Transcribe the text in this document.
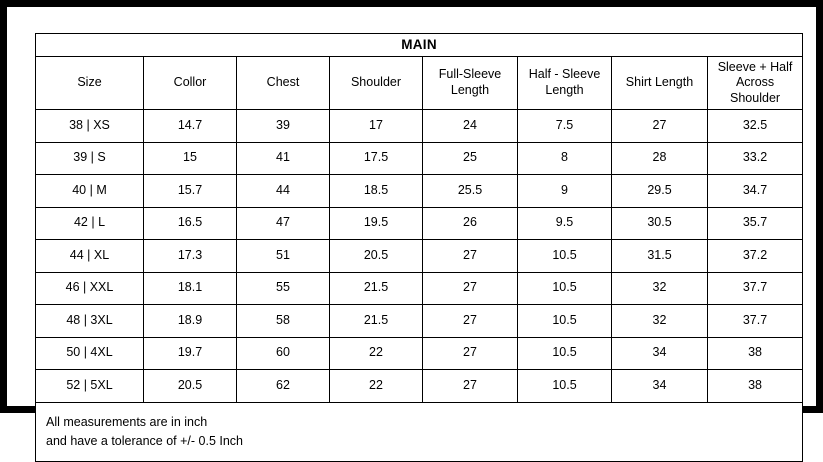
MAIN							
Size	Collor	Chest	Shoulder	Full-Sleeve Length	Half - Sleeve Length	Shirt Length	Sleeve + Half Across Shoulder
38 | XS	14.7	39	17	24	7.5	27	32.5
39 | S	15	41	17.5	25	8	28	33.2
40 | M	15.7	44	18.5	25.5	9	29.5	34.7
42 | L	16.5	47	19.5	26	9.5	30.5	35.7
44 | XL	17.3	51	20.5	27	10.5	31.5	37.2
46 | XXL	18.1	55	21.5	27	10.5	32	37.7
48 | 3XL	18.9	58	21.5	27	10.5	32	37.7
50 | 4XL	19.7	60	22	27	10.5	34	38
52 | 5XL	20.5	62	22	27	10.5	34	38

All measurements are in inch
and have a tolerance of +/- 0.5 Inch							
